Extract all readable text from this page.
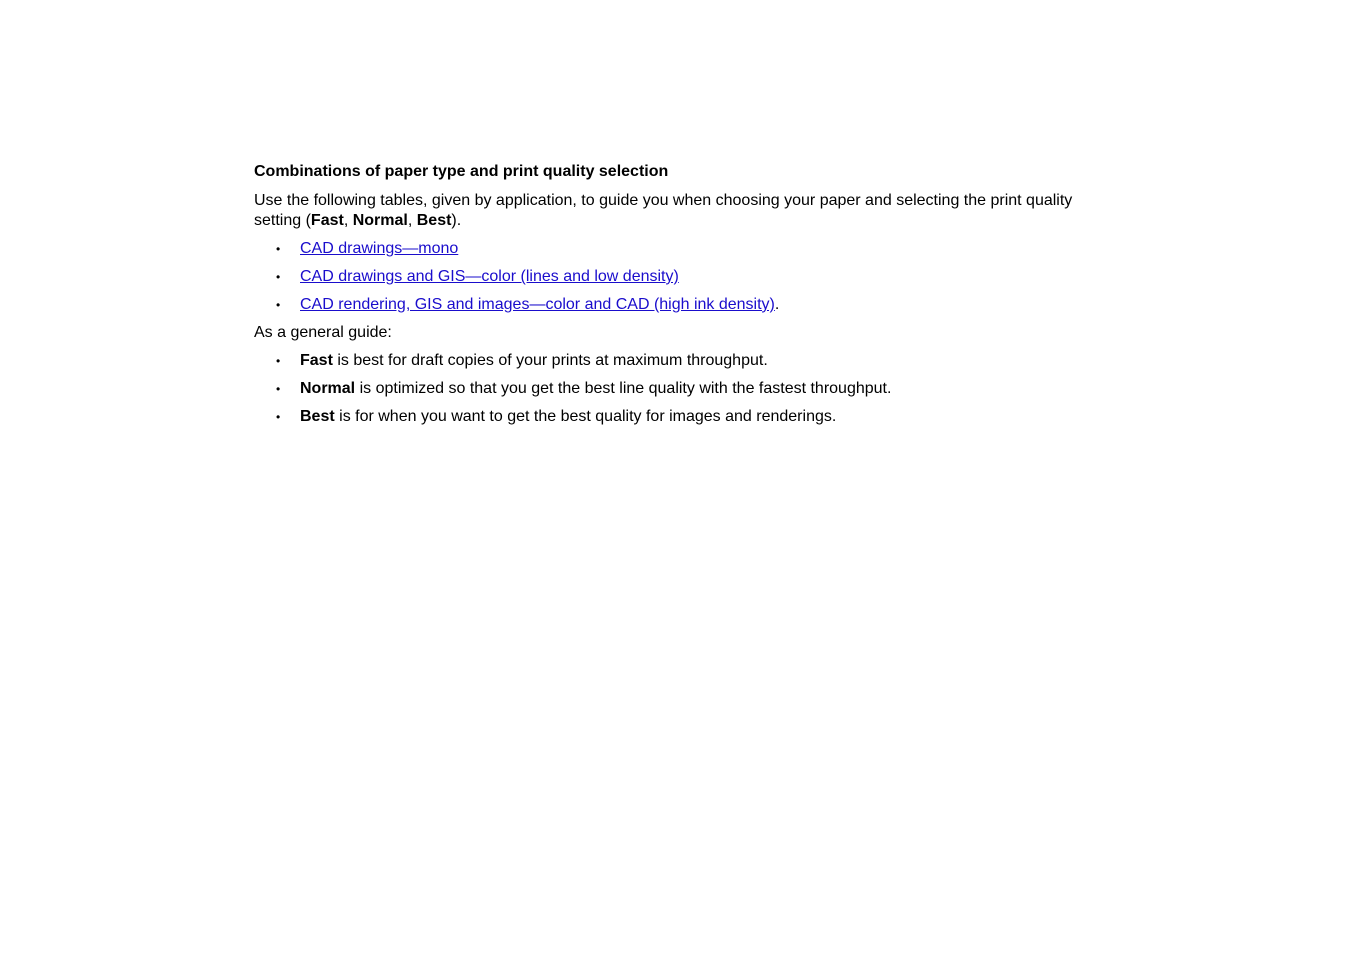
Combinations of paper type and print quality selection

Use the following tables, given by application, to guide you when choosing your paper and selecting the print quality setting (Fast, Normal, Best).

• CAD drawings—mono
• CAD drawings and GIS—color (lines and low density)
• CAD rendering, GIS and images—color and CAD (high ink density).

As a general guide:

• Fast is best for draft copies of your prints at maximum throughput.
• Normal is optimized so that you get the best line quality with the fastest throughput.
• Best is for when you want to get the best quality for images and renderings.
